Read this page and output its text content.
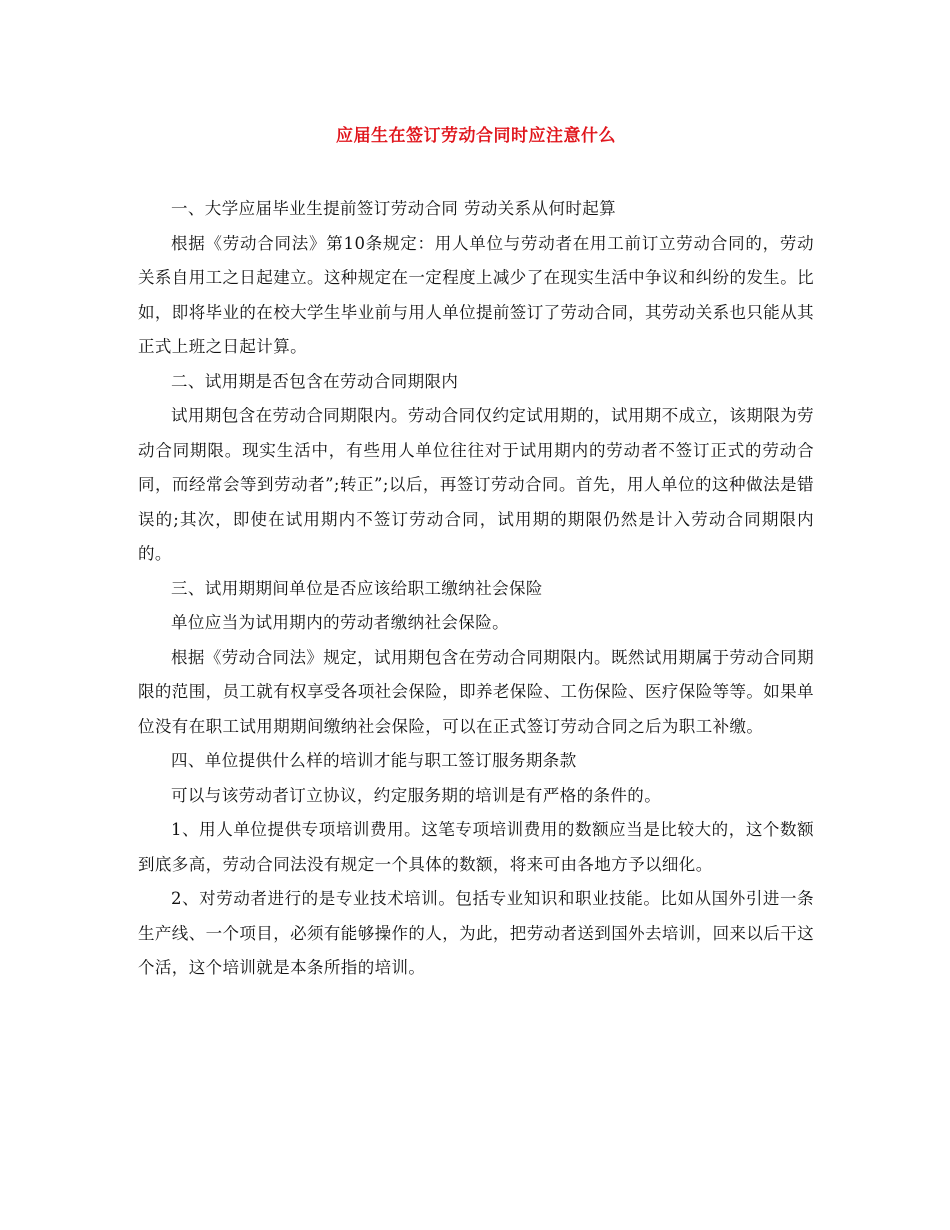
应届生在签订劳动合同时应注意什么

一、大学应届毕业生提前签订劳动合同 劳动关系从何时起算

根据《劳动合同法》第10条规定：用人单位与劳动者在用工前订立劳动合同的，劳动关系自用工之日起建立。这种规定在一定程度上减少了在现实生活中争议和纠纷的发生。比如，即将毕业的在校大学生毕业前与用人单位提前签订了劳动合同，其劳动关系也只能从其正式上班之日起计算。

二、试用期是否包含在劳动合同期限内

试用期包含在劳动合同期限内。劳动合同仅约定试用期的，试用期不成立，该期限为劳动合同期限。现实生活中，有些用人单位往往对于试用期内的劳动者不签订正式的劳动合同，而经常会等到劳动者”;转正”;以后，再签订劳动合同。首先，用人单位的这种做法是错误的;其次，即使在试用期内不签订劳动合同，试用期的期限仍然是计入劳动合同期限内的。

三、试用期期间单位是否应该给职工缴纳社会保险

单位应当为试用期内的劳动者缴纳社会保险。

根据《劳动合同法》规定，试用期包含在劳动合同期限内。既然试用期属于劳动合同期限的范围，员工就有权享受各项社会保险，即养老保险、工伤保险、医疗保险等等。如果单位没有在职工试用期期间缴纳社会保险，可以在正式签订劳动合同之后为职工补缴。

四、单位提供什么样的培训才能与职工签订服务期条款

可以与该劳动者订立协议，约定服务期的培训是有严格的条件的。

1、用人单位提供专项培训费用。这笔专项培训费用的数额应当是比较大的，这个数额到底多高，劳动合同法没有规定一个具体的数额，将来可由各地方予以细化。

2、对劳动者进行的是专业技术培训。包括专业知识和职业技能。比如从国外引进一条生产线、一个项目，必须有能够操作的人，为此，把劳动者送到国外去培训，回来以后干这个活，这个培训就是本条所指的培训。
